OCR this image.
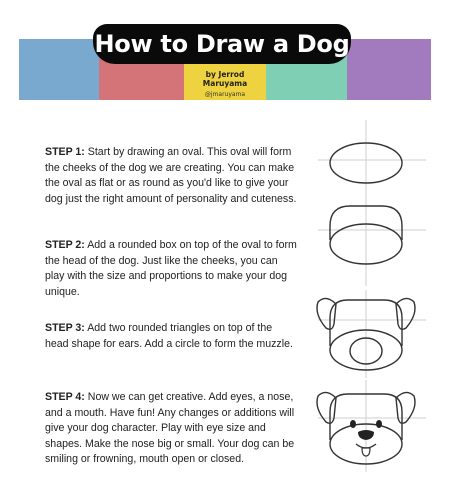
How to Draw a Dog
by Jerrod Maruyama
@jmaruyama
STEP 1: Start by drawing an oval. This oval will form the cheeks of the dog we are creating. You can make the oval as flat or as round as you'd like to give your dog just the right amount of personality and cuteness.
STEP 2: Add a rounded box on top of the oval to form the head of the dog. Just like the cheeks, you can play with the size and proportions to make your dog unique.
STEP 3: Add two rounded triangles on top of the head shape for ears. Add a circle to form the muzzle.
STEP 4: Now we can get creative. Add eyes, a nose, and a mouth. Have fun! Any changes or additions will give your dog character. Play with eye size and shapes. Make the nose big or small. Your dog can be smiling or frowning, mouth open or closed.
